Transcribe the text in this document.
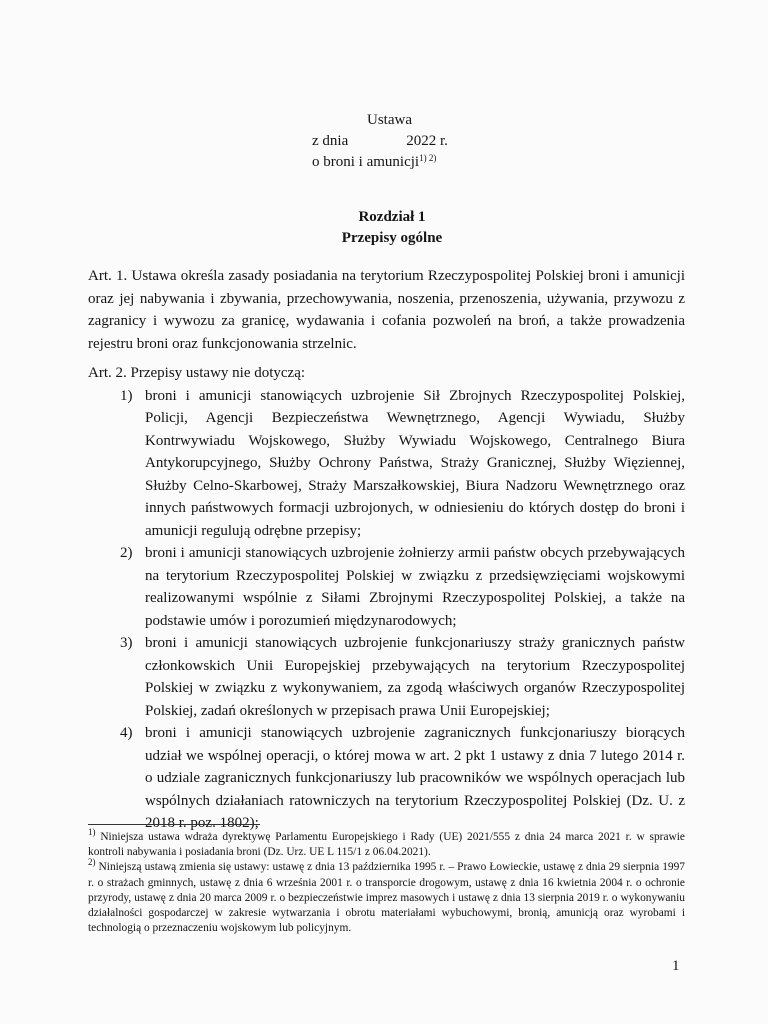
Ustawa
z dnia	2022 r.
o broni i amunicji$^{1) 2)}$
Rozdział 1
Przepisy ogólne
Art. 1. Ustawa określa zasady posiadania na terytorium Rzeczypospolitej Polskiej broni i amunicji oraz jej nabywania i zbywania, przechowywania, noszenia, przenoszenia, używania, przywozu z zagranicy i wywozu za granicę, wydawania i cofania pozwoleń na broń, a także prowadzenia rejestru broni oraz funkcjonowania strzelnic.
Art. 2. Przepisy ustawy nie dotyczą:
1) broni i amunicji stanowiących uzbrojenie Sił Zbrojnych Rzeczypospolitej Polskiej, Policji, Agencji Bezpieczeństwa Wewnętrznego, Agencji Wywiadu, Służby Kontrwywiadu Wojskowego, Służby Wywiadu Wojskowego, Centralnego Biura Antykorupcyjnego, Służby Ochrony Państwa, Straży Granicznej, Służby Więziennej, Służby Celno-Skarbowej, Straży Marszałkowskiej, Biura Nadzoru Wewnętrznego oraz innych państwowych formacji uzbrojonych, w odniesieniu do których dostęp do broni i amunicji regulują odrębne przepisy;
2) broni i amunicji stanowiących uzbrojenie żołnierzy armii państw obcych przebywających na terytorium Rzeczypospolitej Polskiej w związku z przedsięwzięciami wojskowymi realizowanymi wspólnie z Siłami Zbrojnymi Rzeczypospolitej Polskiej, a także na podstawie umów i porozumień międzynarodowych;
3) broni i amunicji stanowiących uzbrojenie funkcjonariuszy straży granicznych państw członkowskich Unii Europejskiej przebywających na terytorium Rzeczypospolitej Polskiej w związku z wykonywaniem, za zgodą właściwych organów Rzeczypospolitej Polskiej, zadań określonych w przepisach prawa Unii Europejskiej;
4) broni i amunicji stanowiących uzbrojenie zagranicznych funkcjonariuszy biorących udział we wspólnej operacji, o której mowa w art. 2 pkt 1 ustawy z dnia 7 lutego 2014 r. o udziale zagranicznych funkcjonariuszy lub pracowników we wspólnych operacjach lub wspólnych działaniach ratowniczych na terytorium Rzeczypospolitej Polskiej (Dz. U. z 2018 r. poz. 1802);

$^{1)}$ Niniejsza ustawa wdraża dyrektywę Parlamentu Europejskiego i Rady (UE) 2021/555 z dnia 24 marca 2021 r. w sprawie kontroli nabywania i posiadania broni (Dz. Urz. UE L 115/1 z 06.04.2021).

$^{2)}$ Niniejszą ustawą zmienia się ustawy: ustawę z dnia 13 października 1995 r. – Prawo Łowieckie, ustawę z dnia 29 sierpnia 1997 r. o strażach gminnych, ustawę z dnia 6 września 2001 r. o transporcie drogowym, ustawę z dnia 16 kwietnia 2004 r. o ochronie przyrody, ustawę z dnia 20 marca 2009 r. o bezpieczeństwie imprez masowych i ustawę z dnia 13 sierpnia 2019 r. o wykonywaniu działalności gospodarczej w zakresie wytwarzania i obrotu materiałami wybuchowymi, bronią, amunicją oraz wyrobami i technologią o przeznaczeniu wojskowym lub policyjnym.

1
